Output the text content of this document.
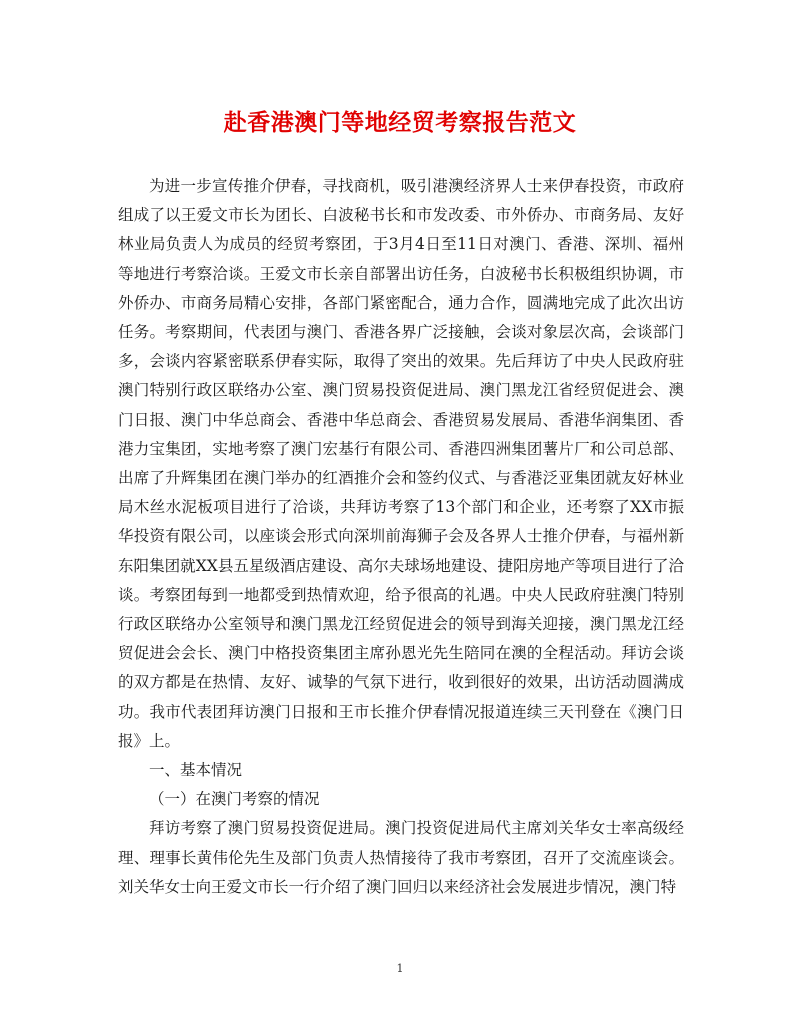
赴香港澳门等地经贸考察报告范文

为进一步宣传推介伊春，寻找商机，吸引港澳经济界人士来伊春投资，市政府组成了以王爱文市长为团长、白波秘书长和市发改委、市外侨办、市商务局、友好林业局负责人为成员的经贸考察团，于3月4日至11日对澳门、香港、深圳、福州等地进行考察洽谈。王爱文市长亲自部署出访任务，白波秘书长积极组织协调，市外侨办、市商务局精心安排，各部门紧密配合，通力合作，圆满地完成了此次出访任务。考察期间，代表团与澳门、香港各界广泛接触，会谈对象层次高，会谈部门多，会谈内容紧密联系伊春实际，取得了突出的效果。先后拜访了中央人民政府驻澳门特别行政区联络办公室、澳门贸易投资促进局、澳门黑龙江省经贸促进会、澳门日报、澳门中华总商会、香港中华总商会、香港贸易发展局、香港华润集团、香港力宝集团，实地考察了澳门宏基行有限公司、香港四洲集团薯片厂和公司总部、出席了升辉集团在澳门举办的红酒推介会和签约仪式、与香港泛亚集团就友好林业局木丝水泥板项目进行了洽谈，共拜访考察了13个部门和企业，还考察了XX市振华投资有限公司，以座谈会形式向深圳前海狮子会及各界人士推介伊春，与福州新东阳集团就XX县五星级酒店建设、高尔夫球场地建设、捷阳房地产等项目进行了洽谈。考察团每到一地都受到热情欢迎，给予很高的礼遇。中央人民政府驻澳门特别行政区联络办公室领导和澳门黑龙江经贸促进会的领导到海关迎接，澳门黑龙江经贸促进会会长、澳门中格投资集团主席孙恩光先生陪同在澳的全程活动。拜访会谈的双方都是在热情、友好、诚挚的气氛下进行，收到很好的效果，出访活动圆满成功。我市代表团拜访澳门日报和王市长推介伊春情况报道连续三天刊登在《澳门日报》上。

一、基本情况

（一）在澳门考察的情况

拜访考察了澳门贸易投资促进局。澳门投资促进局代主席刘关华女士率高级经理、理事长黄伟伦先生及部门负责人热情接待了我市考察团，召开了交流座谈会。刘关华女士向王爱文市长一行介绍了澳门回归以来经济社会发展进步情况，澳门特

1
